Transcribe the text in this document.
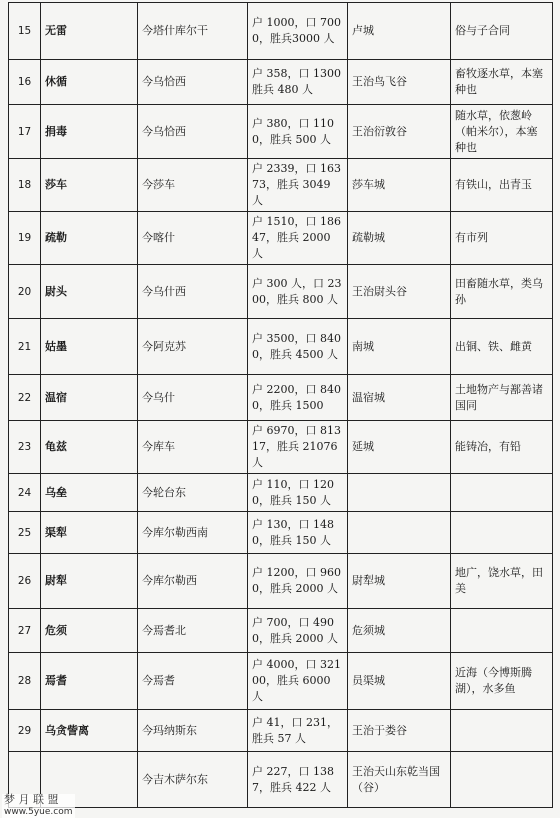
15	无雷	今塔什库尔干	户 1000，口 7000，胜兵3000 人	卢城	俗与子合同
16	休循	今乌恰西	户 358，口 1300 胜兵 480 人	王治鸟飞谷	畜牧逐水草，本塞种也
17	捐毒	今乌恰西	户 380，口 1100，胜兵 500 人	王治衍敦谷	随水草，依葱岭（帕米尔），本塞种也
18	莎车	今莎车	户 2339，口 16373，胜兵 3049 人	莎车城	有铁山，出青玉
19	疏勒	今喀什	户 1510，口 18647，胜兵 2000 人	疏勒城	有市列
20	尉头	今乌什西	户 300 人，口 2300，胜兵 800 人	王治尉头谷	田畜随水草，类乌孙
21	姑墨	今阿克苏	户 3500，口 8400，胜兵 4500 人	南城	出铜、铁、雌黄
22	温宿	今乌什	户 2200，口 8400，胜兵 1500	温宿城	土地物产与鄯善诸国同
23	龟兹	今库车	户 6970，口 81317，胜兵 21076 人	延城	能铸冶，有铅
24	乌垒	今轮台东	户 110，口 1200，胜兵 150 人		
25	渠犁	今库尔勒西南	户 130，口 1480，胜兵 150 人		
26	尉犁	今库尔勒西	户 1200，口 9600，胜兵 2000 人	尉犁城	地广，饶水草，田美
27	危须	今焉耆北	户 700，口 4900，胜兵 2000 人	危须城	
28	焉耆	今焉耆	户 4000，口 32100，胜兵 6000 人	员渠城	近海（今博斯腾湖），水多鱼
29	乌贪訾离	今玛纳斯东	户 41，口 231，胜兵 57 人	王治于娄谷	
		今吉木萨尔东	户 227，口 1387，胜兵 422 人	王治天山东乾当国（谷）	
梦 月 联 盟
www.5yue.com
